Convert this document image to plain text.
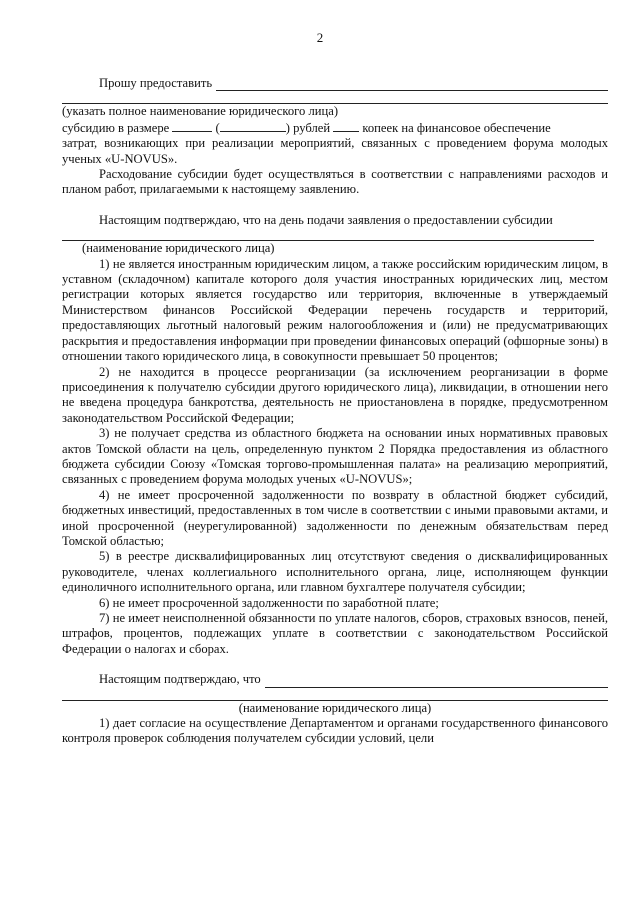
2
Прошу предоставить

(указать полное наименование юридического лица)

субсидию в размере	(	) рублей	копеек на финансовое обеспечение

затрат, возникающих при реализации мероприятий, связанных с проведением форума молодых ученых «U-NOVUS».

Расходование субсидии будет осуществляться в соответствии с направлениями расходов и планом работ, прилагаемыми к настоящему заявлению.

Настоящим подтверждаю, что на день подачи заявления о предоставлении субсидии

(наименование юридического лица)

1) не является иностранным юридическим лицом, а также российским юридическим лицом, в уставном (складочном) капитале которого доля участия иностранных юридических лиц, местом регистрации которых является государство или территория, включенные в утверждаемый Министерством финансов Российской Федерации перечень государств и территорий, предоставляющих льготный налоговый режим налогообложения и (или) не предусматривающих раскрытия и предоставления информации при проведении финансовых операций (офшорные зоны) в отношении такого юридического лица, в совокупности превышает 50 процентов;

2) не находится в процессе реорганизации (за исключением реорганизации в форме присоединения к получателю субсидии другого юридического лица), ликвидации, в отношении него не введена процедура банкротства, деятельность не приостановлена в порядке, предусмотренном законодательством Российской Федерации;

3) не получает средства из областного бюджета на основании иных нормативных правовых актов Томской области на цель, определенную пунктом 2 Порядка предоставления из областного бюджета субсидии Союзу «Томская торгово-промышленная палата» на реализацию мероприятий, связанных с проведением форума молодых ученых «U-NOVUS»;

4) не имеет просроченной задолженности по возврату в областной бюджет субсидий, бюджетных инвестиций, предоставленных в том числе в соответствии с иными правовыми актами, и иной просроченной (неурегулированной) задолженности по денежным обязательствам перед Томской областью;

5) в реестре дисквалифицированных лиц отсутствуют сведения о дисквалифицированных руководителе, членах коллегиального исполнительного органа, лице, исполняющем функции единоличного исполнительного органа, или главном бухгалтере получателя субсидии;

6) не имеет просроченной задолженности по заработной плате;

7) не имеет неисполненной обязанности по уплате налогов, сборов, страховых взносов, пеней, штрафов, процентов, подлежащих уплате в соответствии с законодательством Российской Федерации о налогах и сборах.

Настоящим подтверждаю, что

(наименование юридического лица)

1) дает согласие на осуществление Департаментом и органами государственного финансового контроля проверок соблюдения получателем субсидии условий, цели
